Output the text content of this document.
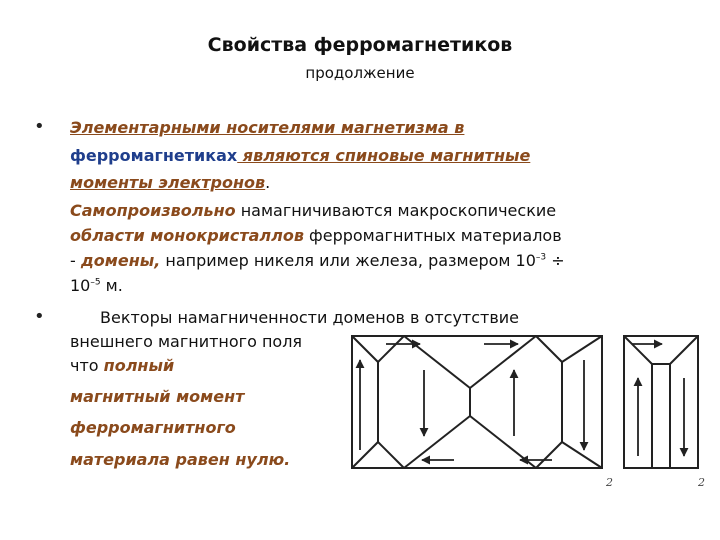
Свойства ферромагнетиков
продолжение
• Элементарными носителями магнетизма в
ферромагнетиках являются спиновые магнитные
моменты электронов.
Самопроизвольно намагничиваются макроскопические
области монокристаллов ферромагнитных материалов
- домены, например никеля или железа, размером $10^{-3}$ ÷
$10^{-5}$ м.
•	Векторы намагниченности доменов в отсутствие
внешнего магнитного поля
что полный
магнитный момент
ферромагнитного
материала равен нулю.
2	2
